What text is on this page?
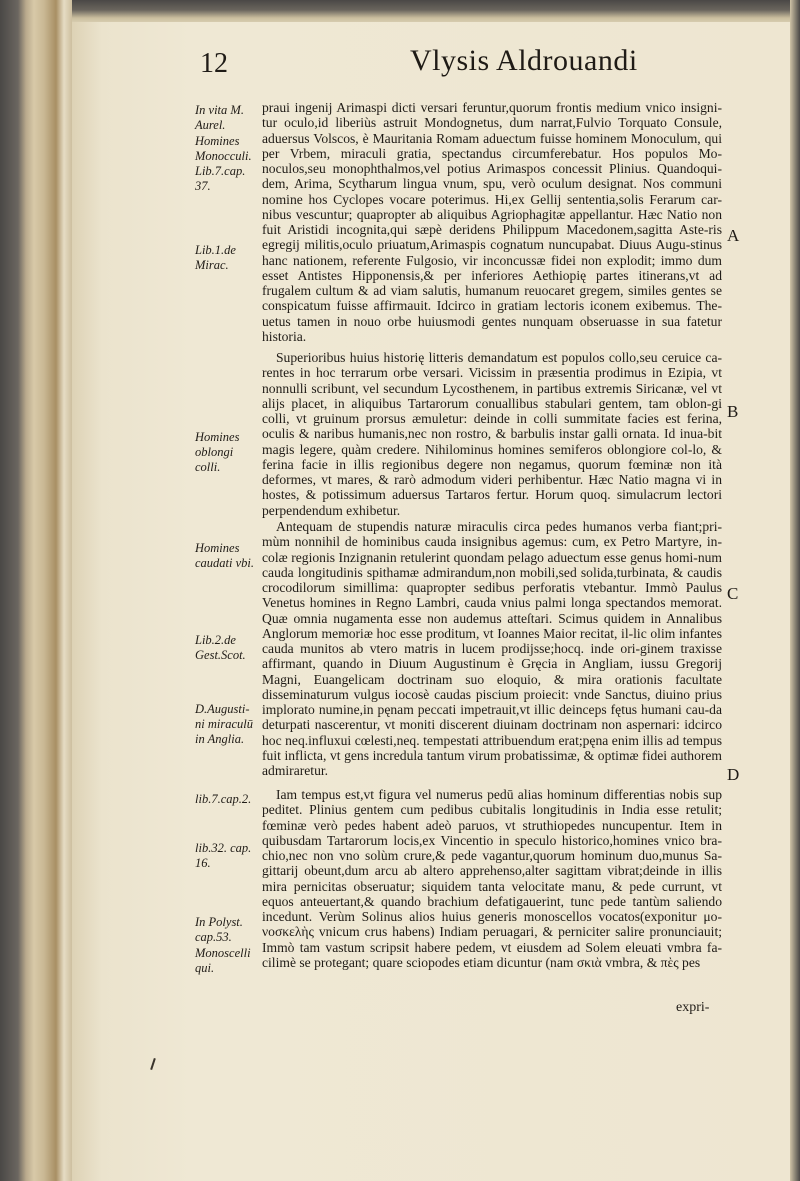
12	Vlysis Aldrouandi
In vita M. Aurel.
Homines Monocculi. Lib.7.cap. 37.
Lib.1.de Mirac.
Homines oblongi colli.
Homines caudati vbi.
Lib.2.de Gest.Scot.
D.Augusti-ni miraculū in Anglia.
lib.7.cap.2.
lib.32. cap. 16.
In Polyst. cap.53.
Monoscelli qui.
A
B
C
D

praui ingenij Arimaspi dicti versari feruntur,quorum frontis medium vnico insigni-tur oculo,id liberiùs astruit Mondognetus, dum narrat,Fulvio Torquato Consule, aduersus Volscos, è Mauritania Romam aduectum fuisse hominem Monoculum, qui per Vrbem, miraculi gratia, spectandus circumferebatur. Hos populos Mo-noculos,seu monophthalmos,vel potius Arimaspos concessit Plinius. Quandoqui-dem, Arima, Scytharum lingua vnum, spu, verò oculum designat. Nos communi nomine hos Cyclopes vocare poterimus. Hi,ex Gellij sententia,solis Ferarum car-nibus vescuntur; quapropter ab aliquibus Agriophagitæ appellantur. Hæc Natio non fuit Aristidi incognita,qui sæpè deridens Philippum Macedonem,sagitta Aste-ris egregij militis,oculo priuatum,Arimaspis cognatum nuncupabat. Diuus Augu-stinus hanc nationem, referente Fulgosio, vir inconcussæ fidei non explodit; immo dum esset Antistes Hipponensis,& per inferiores Aethiopię partes itinerans,vt ad frugalem cultum & ad viam salutis, humanum reuocaret gregem, similes gentes se conspicatum fuisse affirmauit. Idcirco in gratiam lectoris iconem exibemus. The-uetus tamen in nouo orbe huiusmodi gentes nunquam obseruasse in sua fatetur historia.

Superioribus huius historię litteris demandatum est populos collo,seu ceruice ca-rentes in hoc terrarum orbe versari. Vicissim in præsentia prodimus in Ezipia, vt nonnulli scribunt, vel secundum Lycosthenem, in partibus extremis Siricanæ, vel vt alijs placet, in aliquibus Tartarorum conuallibus stabulari gentem, tam oblon-gi colli, vt gruinum prorsus æmuletur: deinde in colli summitate facies est ferina, oculis & naribus humanis,nec non rostro, & barbulis instar galli ornata. Id inua-bit magis legere, quàm credere. Nihilominus homines semiferos oblongiore col-lo, & ferina facie in illis regionibus degere non negamus, quorum fœminæ non ità deformes, vt mares, & rarò admodum videri perhibentur. Hæc Natio magna vi in hostes, & potissimum aduersus Tartaros fertur. Horum quoq. simulacrum lectori perpendendum exhibetur.

Antequam de stupendis naturæ miraculis circa pedes humanos verba fiant;pri-mùm nonnihil de hominibus cauda insignibus agemus: cum, ex Petro Martyre, in-colæ regionis Inzignanin retulerint quondam pelago aduectum esse genus homi-num cauda longitudinis spithamæ admirandum,non mobili,sed solida,turbinata, & caudis crocodilorum simillima: quapropter sedibus perforatis vtebantur. Immò Paulus Venetus homines in Regno Lambri, cauda vnius palmi longa spectandos memorat. Quæ omnia nugamenta esse non audemus atteſtari. Scimus quidem in Annalibus Anglorum memoriæ hoc esse proditum, vt Ioannes Maior recitat, il-lic olim infantes cauda munitos ab vtero matris in lucem prodijsse;hocq. inde ori-ginem traxisse affirmant, quando in Diuum Augustinum è Gręcia in Angliam, iussu Gregorij Magni, Euangelicam doctrinam suo eloquio, & mira orationis facultate disseminaturum vulgus iocosè caudas piscium proiecit: vnde Sanctus, diuino prius implorato numine,in pęnam peccati impetrauit,vt illic deinceps fętus humani cau-da deturpati nascerentur, vt moniti discerent diuinam doctrinam non aspernari: idcirco hoc neq.influxui cœlesti,neq. tempestati attribuendum erat;pęna enim illis ad tempus fuit inflicta, vt gens incredula tantum virum probatissimæ, & optimæ fidei authorem admiraretur.

Iam tempus est,vt figura vel numerus pedū alias hominum differentias nobis sup peditet. Plinius gentem cum pedibus cubitalis longitudinis in India esse retulit; fœminæ verò pedes habent adeò paruos, vt struthiopedes nuncupentur. Item in quibusdam Tartarorum locis,ex Vincentio in speculo historico,homines vnico bra-chio,nec non vno solùm crure,& pede vagantur,quorum hominum duo,munus Sa-gittarij obeunt,dum arcu ab altero apprehenso,alter sagittam vibrat;deinde in illis mira pernicitas obseruatur; siquidem tanta velocitate manu, & pede currunt, vt equos anteuertant,& quando brachium defatigauerint, tunc pede tantùm saliendo incedunt. Verùm Solinus alios huius generis monoscellos vocatos(exponitur μο-νοσκελὴς vnicum crus habens) Indiam peruagari, & perniciter salire pronunciauit; Immò tam vastum scripsit habere pedem, vt eiusdem ad Solem eleuati vmbra fa-cilimè se protegant; quare sciopodes etiam dicuntur (nam σκιὰ vmbra, & πὲς pes

expri-
